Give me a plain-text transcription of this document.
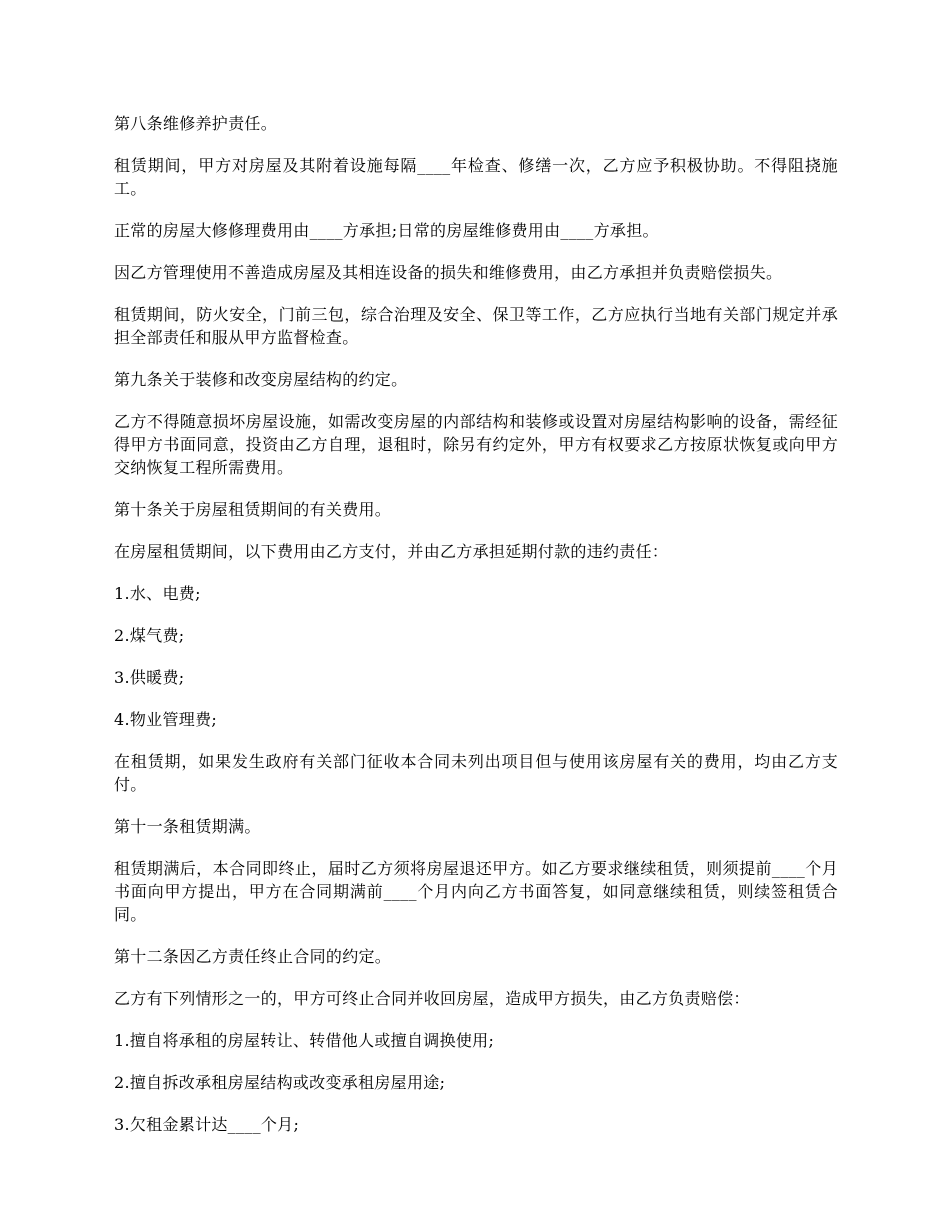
第八条维修养护责任。

租赁期间，甲方对房屋及其附着设施每隔____年检查、修缮一次，乙方应予积极协助。不得阻挠施工。

正常的房屋大修修理费用由____方承担;日常的房屋维修费用由____方承担。

因乙方管理使用不善造成房屋及其相连设备的损失和维修费用，由乙方承担并负责赔偿损失。

租赁期间，防火安全，门前三包，综合治理及安全、保卫等工作，乙方应执行当地有关部门规定并承担全部责任和服从甲方监督检查。

第九条关于装修和改变房屋结构的约定。

乙方不得随意损坏房屋设施，如需改变房屋的内部结构和装修或设置对房屋结构影响的设备，需经征得甲方书面同意，投资由乙方自理，退租时，除另有约定外，甲方有权要求乙方按原状恢复或向甲方交纳恢复工程所需费用。

第十条关于房屋租赁期间的有关费用。

在房屋租赁期间，以下费用由乙方支付，并由乙方承担延期付款的违约责任：

1.水、电费;

2.煤气费;

3.供暖费;

4.物业管理费;

在租赁期，如果发生政府有关部门征收本合同未列出项目但与使用该房屋有关的费用，均由乙方支付。

第十一条租赁期满。

租赁期满后，本合同即终止，届时乙方须将房屋退还甲方。如乙方要求继续租赁，则须提前____个月书面向甲方提出，甲方在合同期满前____个月内向乙方书面答复，如同意继续租赁，则续签租赁合同。

第十二条因乙方责任终止合同的约定。

乙方有下列情形之一的，甲方可终止合同并收回房屋，造成甲方损失，由乙方负责赔偿：

1.擅自将承租的房屋转让、转借他人或擅自调换使用;

2.擅自拆改承租房屋结构或改变承租房屋用途;

3.欠租金累计达____个月;
